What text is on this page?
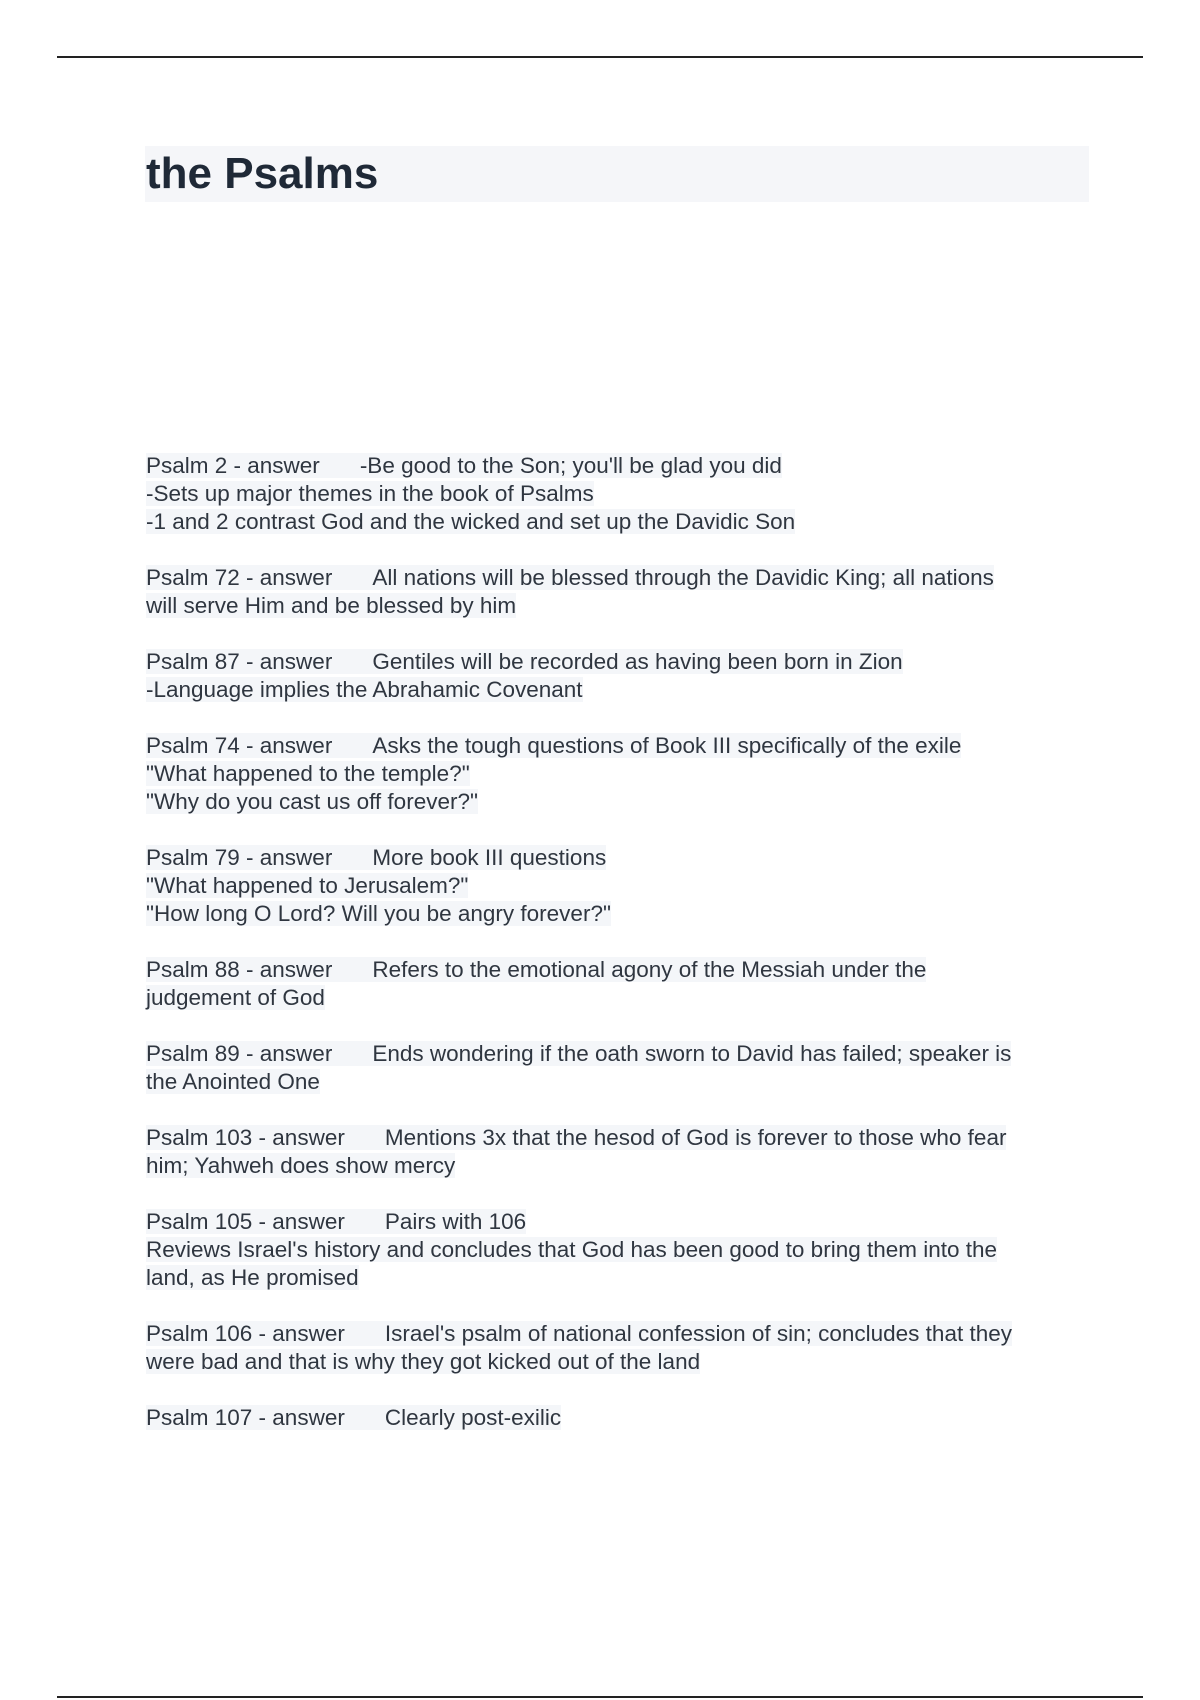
the Psalms
Psalm 2 - answer -Be good to the Son; you'll be glad you did
-Sets up major themes in the book of Psalms
-1 and 2 contrast God and the wicked and set up the Davidic Son
Psalm 72 - answer All nations will be blessed through the Davidic King; all nations
will serve Him and be blessed by him
Psalm 87 - answer Gentiles will be recorded as having been born in Zion
-Language implies the Abrahamic Covenant
Psalm 74 - answer Asks the tough questions of Book III specifically of the exile
"What happened to the temple?"
"Why do you cast us off forever?"
Psalm 79 - answer More book III questions
"What happened to Jerusalem?"
"How long O Lord? Will you be angry forever?"
Psalm 88 - answer Refers to the emotional agony of the Messiah under the
judgement of God
Psalm 89 - answer Ends wondering if the oath sworn to David has failed; speaker is
the Anointed One
Psalm 103 - answer Mentions 3x that the hesod of God is forever to those who fear
him; Yahweh does show mercy
Psalm 105 - answer Pairs with 106
Reviews Israel's history and concludes that God has been good to bring them into the
land, as He promised
Psalm 106 - answer Israel's psalm of national confession of sin; concludes that they
were bad and that is why they got kicked out of the land
Psalm 107 - answer Clearly post-exilic
